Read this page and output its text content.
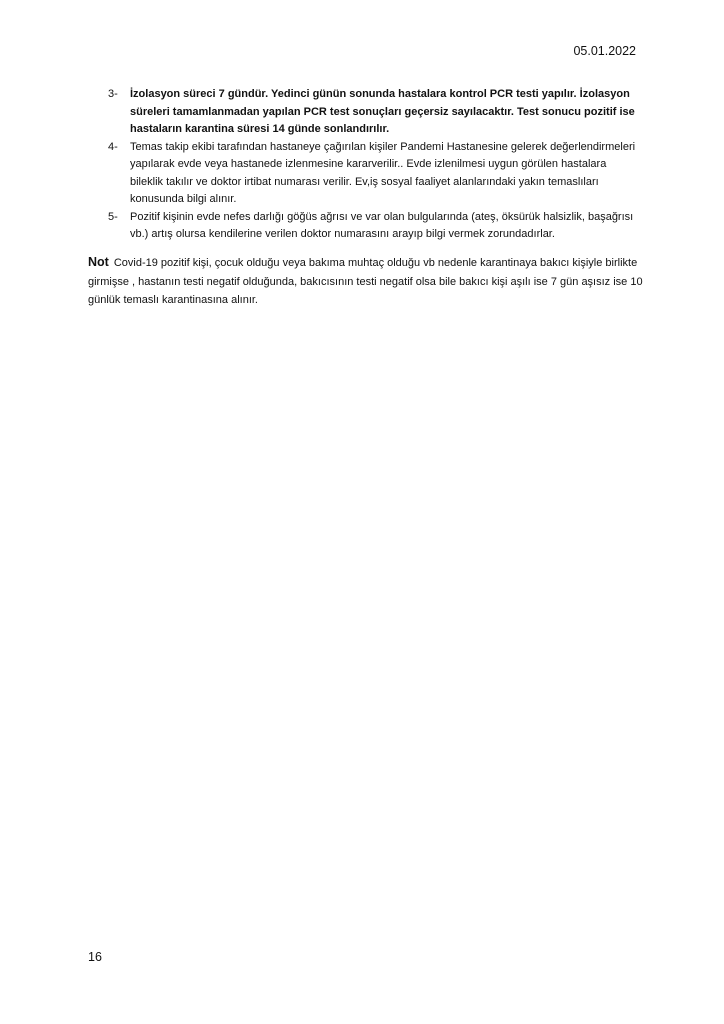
05.01.2022
3-	İzolasyon süreci 7 gündür. Yedinci günün sonunda hastalara kontrol PCR testi yapılır. İzolasyon süreleri tamamlanmadan yapılan PCR test sonuçları geçersiz sayılacaktır. Test sonucu pozitif ise hastaların karantina süresi 14 günde sonlandırılır.
4-	Temas takip ekibi tarafından hastaneye çağırılan kişiler Pandemi Hastanesine gelerek değerlendirmeleri yapılarak evde veya hastanede izlenmesine kararverilir.. Evde izlenilmesi uygun görülen hastalara bileklik takılır ve doktor irtibat numarası verilir. Ev,iş sosyal faaliyet alanlarındaki yakın temaslıları konusunda bilgi alınır.
5-	Pozitif kişinin evde nefes darlığı göğüs ağrısı ve var olan bulgularında (ateş, öksürük halsizlik, başağrısı vb.) artış olursa kendilerine verilen doktor numarasını arayıp bilgi vermek zorundadırlar.
Not Covid-19 pozitif kişi, çocuk olduğu veya bakıma muhtaç olduğu vb nedenle karantinaya bakıcı kişiyle birlikte girmişse , hastanın testi negatif olduğunda, bakıcısının testi negatif olsa bile bakıcı kişi aşılı ise 7 gün aşısız ise 10 günlük temaslı karantinasına alınır.
16
